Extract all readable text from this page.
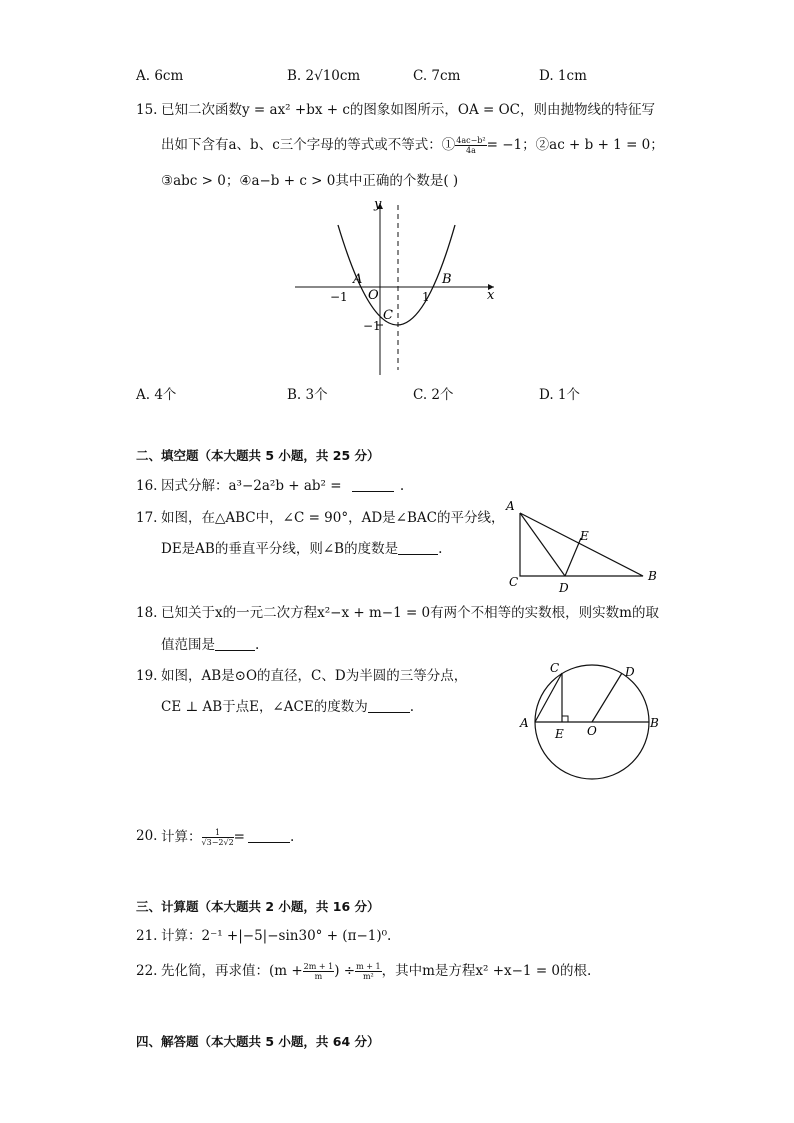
A. 6cm	B. 2√10cm	C. 7cm	D. 1cm
15. 已知二次函数y = ax² +bx + c的图象如图所示，OA = OC，则由抛物线的特征写
出如下含有a、b、c三个字母的等式或不等式：① $\frac{\text{4ac−b²}}{4a} = -1$；②ac + b + 1 = 0；
③abc > 0；④a−b + c > 0其中正确的个数是( )
y
x
A	B
O
C
−1	1
−1
A. 4个	B. 3个	C. 2个	D. 1个
二、填空题（本大题共 5 小题，共 25 分）
16. 因式分解：a³−2a²b + ab² =	.
17. 如图，在△ABC中，∠C = 90°，AD是∠BAC的平分线，
DE是AB的垂直平分线，则∠B的度数是	.
A
B
C	D
E
18. 已知关于x的一元二次方程x²−x + m−1 = 0有两个不相等的实数根，则实数m的取
值范围是	.
19. 如图，AB是⊙O的直径，C、D为半圆的三等分点，
CE ⊥ AB于点E，∠ACE的度数为	.
A	B
C	D
E O
20. 计算： $\frac{1}{√3-2√2}$ =	.
三、计算题（本大题共 2 小题，共 16 分）
21. 计算：2⁻¹ +|−5|−sin30° + (π−1)⁰.
22. 先化简，再求值：($m + \frac{2m + 1}{m}$ ) ÷ $\frac{m + 1}{\text{m²}}$ ，其中m是方程x² +x−1 = 0的根.
四、解答题（本大题共 5 小题，共 64 分）
